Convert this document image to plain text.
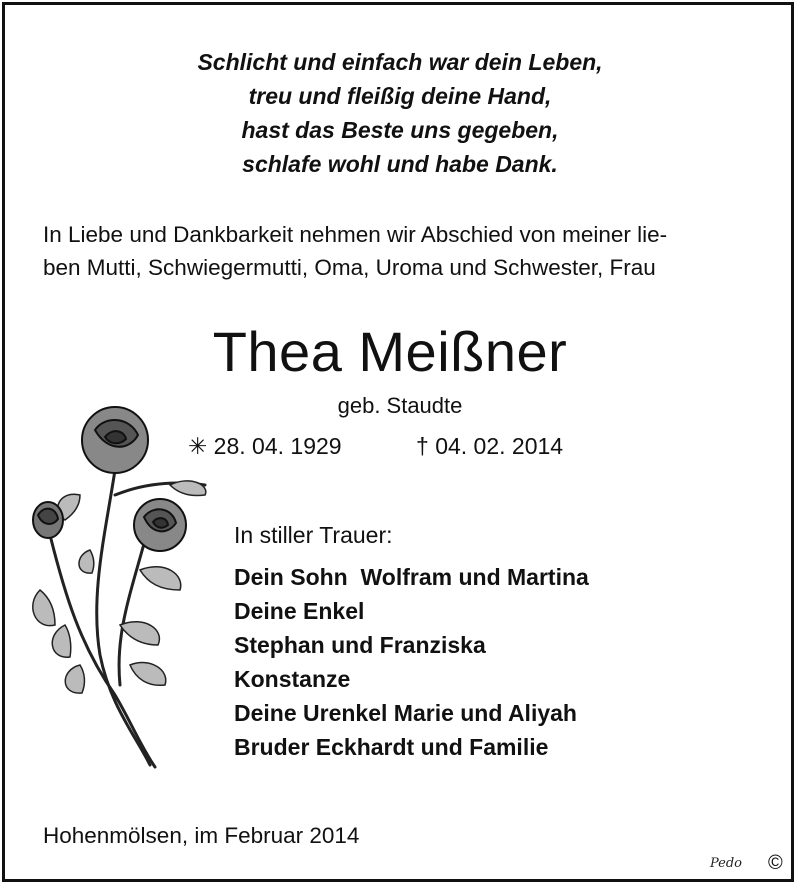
Schlicht und einfach war dein Leben,
treu und fleißig deine Hand,
hast das Beste uns gegeben,
schlafe wohl und habe Dank.
In Liebe und Dankbarkeit nehmen wir Abschied von meiner lie-
ben Mutti, Schwiegermutti, Oma, Uroma und Schwester, Frau
Thea Meißner
geb. Staudte
✳ 28. 04. 1929	† 04. 02. 2014
In stiller Trauer:
Dein Sohn  Wolfram und Martina
Deine Enkel
Stephan und Franziska
Konstanze
Deine Urenkel Marie und Aliyah
Bruder Eckhardt und Familie
Hohenmölsen, im Februar 2014
Pedo ©
